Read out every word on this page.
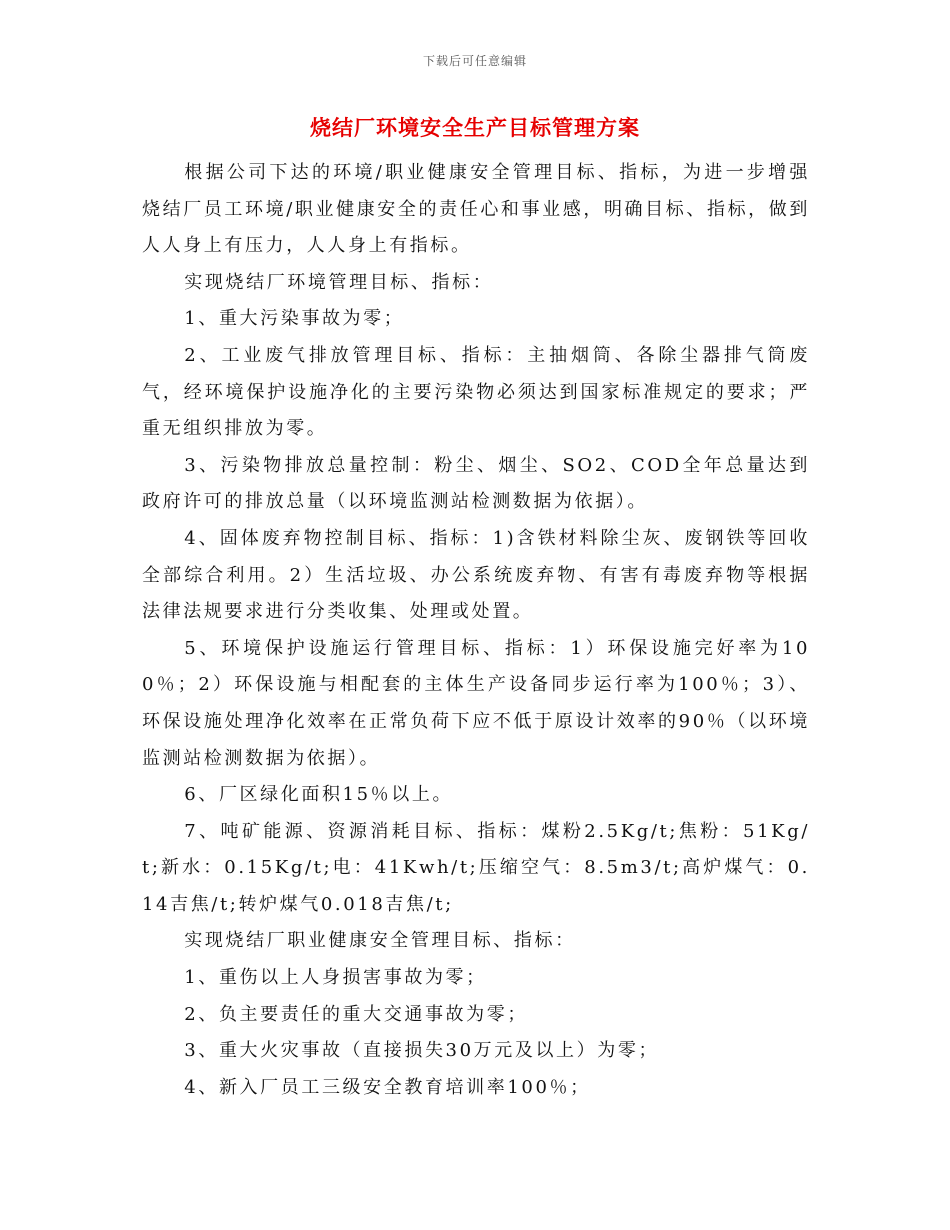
下载后可任意编辑
烧结厂环境安全生产目标管理方案

根据公司下达的环境/职业健康安全管理目标、指标，为进一步增强烧结厂员工环境/职业健康安全的责任心和事业感，明确目标、指标，做到人人身上有压力，人人身上有指标。

实现烧结厂环境管理目标、指标：

1、重大污染事故为零；

2、工业废气排放管理目标、指标：主抽烟筒、各除尘器排气筒废气，经环境保护设施净化的主要污染物必须达到国家标准规定的要求；严重无组织排放为零。

3、污染物排放总量控制：粉尘、烟尘、SO2、COD全年总量达到政府许可的排放总量（以环境监测站检测数据为依据）。

4、固体废弃物控制目标、指标：1)含铁材料除尘灰、废钢铁等回收全部综合利用。2）生活垃圾、办公系统废弃物、有害有毒废弃物等根据法律法规要求进行分类收集、处理或处置。

5、环境保护设施运行管理目标、指标：1）环保设施完好率为100％；2）环保设施与相配套的主体生产设备同步运行率为100％；3）、环保设施处理净化效率在正常负荷下应不低于原设计效率的90％（以环境监测站检测数据为依据）。

6、厂区绿化面积15％以上。

7、吨矿能源、资源消耗目标、指标：煤粉2.5Kg/t;焦粉：51Kg/t;新水：0.15Kg/t;电：41Kwh/t;压缩空气：8.5m3/t;高炉煤气：0.14吉焦/t;转炉煤气0.018吉焦/t;

实现烧结厂职业健康安全管理目标、指标：

1、重伤以上人身损害事故为零；

2、负主要责任的重大交通事故为零；

3、重大火灾事故（直接损失30万元及以上）为零；

4、新入厂员工三级安全教育培训率100％；
